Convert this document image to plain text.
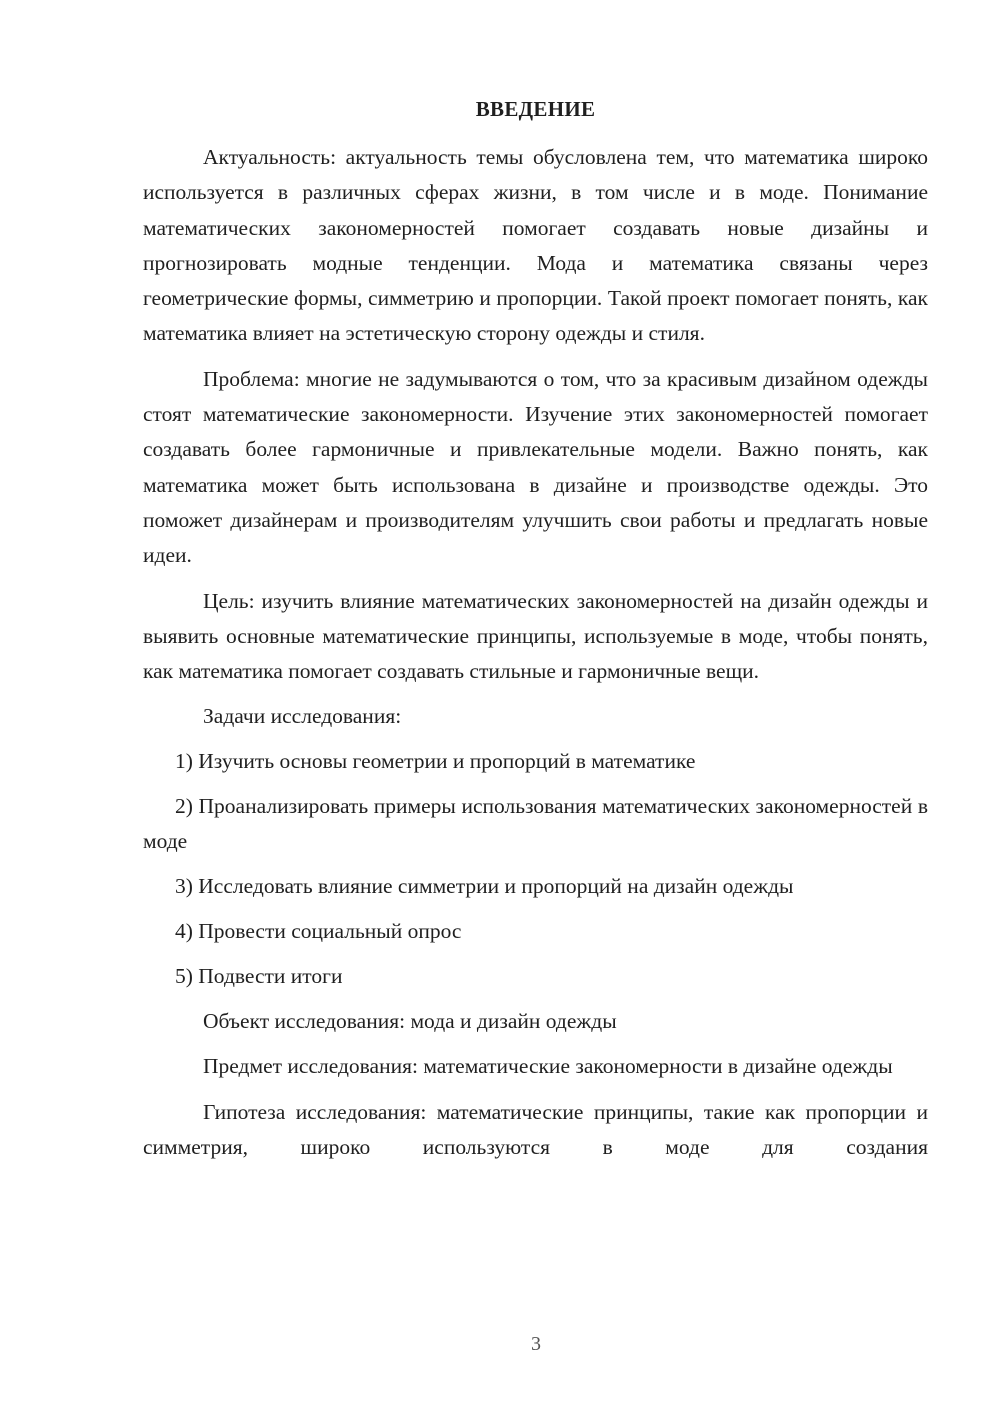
ВВЕДЕНИЕ

Актуальность: актуальность темы обусловлена тем, что математика широко используется в различных сферах жизни, в том числе и в моде. Понимание математических закономерностей помогает создавать новые дизайны и прогнозировать модные тенденции. Мода и математика связаны через геометрические формы, симметрию и пропорции. Такой проект помогает понять, как математика влияет на эстетическую сторону одежды и стиля.

Проблема: многие не задумываются о том, что за красивым дизайном одежды стоят математические закономерности. Изучение этих закономерностей помогает создавать более гармоничные и привлекательные модели. Важно понять, как математика может быть использована в дизайне и производстве одежды. Это поможет дизайнерам и производителям улучшить свои работы и предлагать новые идеи.

Цель: изучить влияние математических закономерностей на дизайн одежды и выявить основные математические принципы, используемые в моде, чтобы понять, как математика помогает создавать стильные и гармоничные вещи.

Задачи исследования:

1) Изучить основы геометрии и пропорций в математике

2) Проанализировать примеры использования математических закономерностей в моде

3) Исследовать влияние симметрии и пропорций на дизайн одежды

4) Провести социальный опрос

5) Подвести итоги

Объект исследования: мода и дизайн одежды

Предмет исследования: математические закономерности в дизайне одежды

Гипотеза исследования: математические принципы, такие как пропорции и симметрия, широко используются в моде для создания

3
